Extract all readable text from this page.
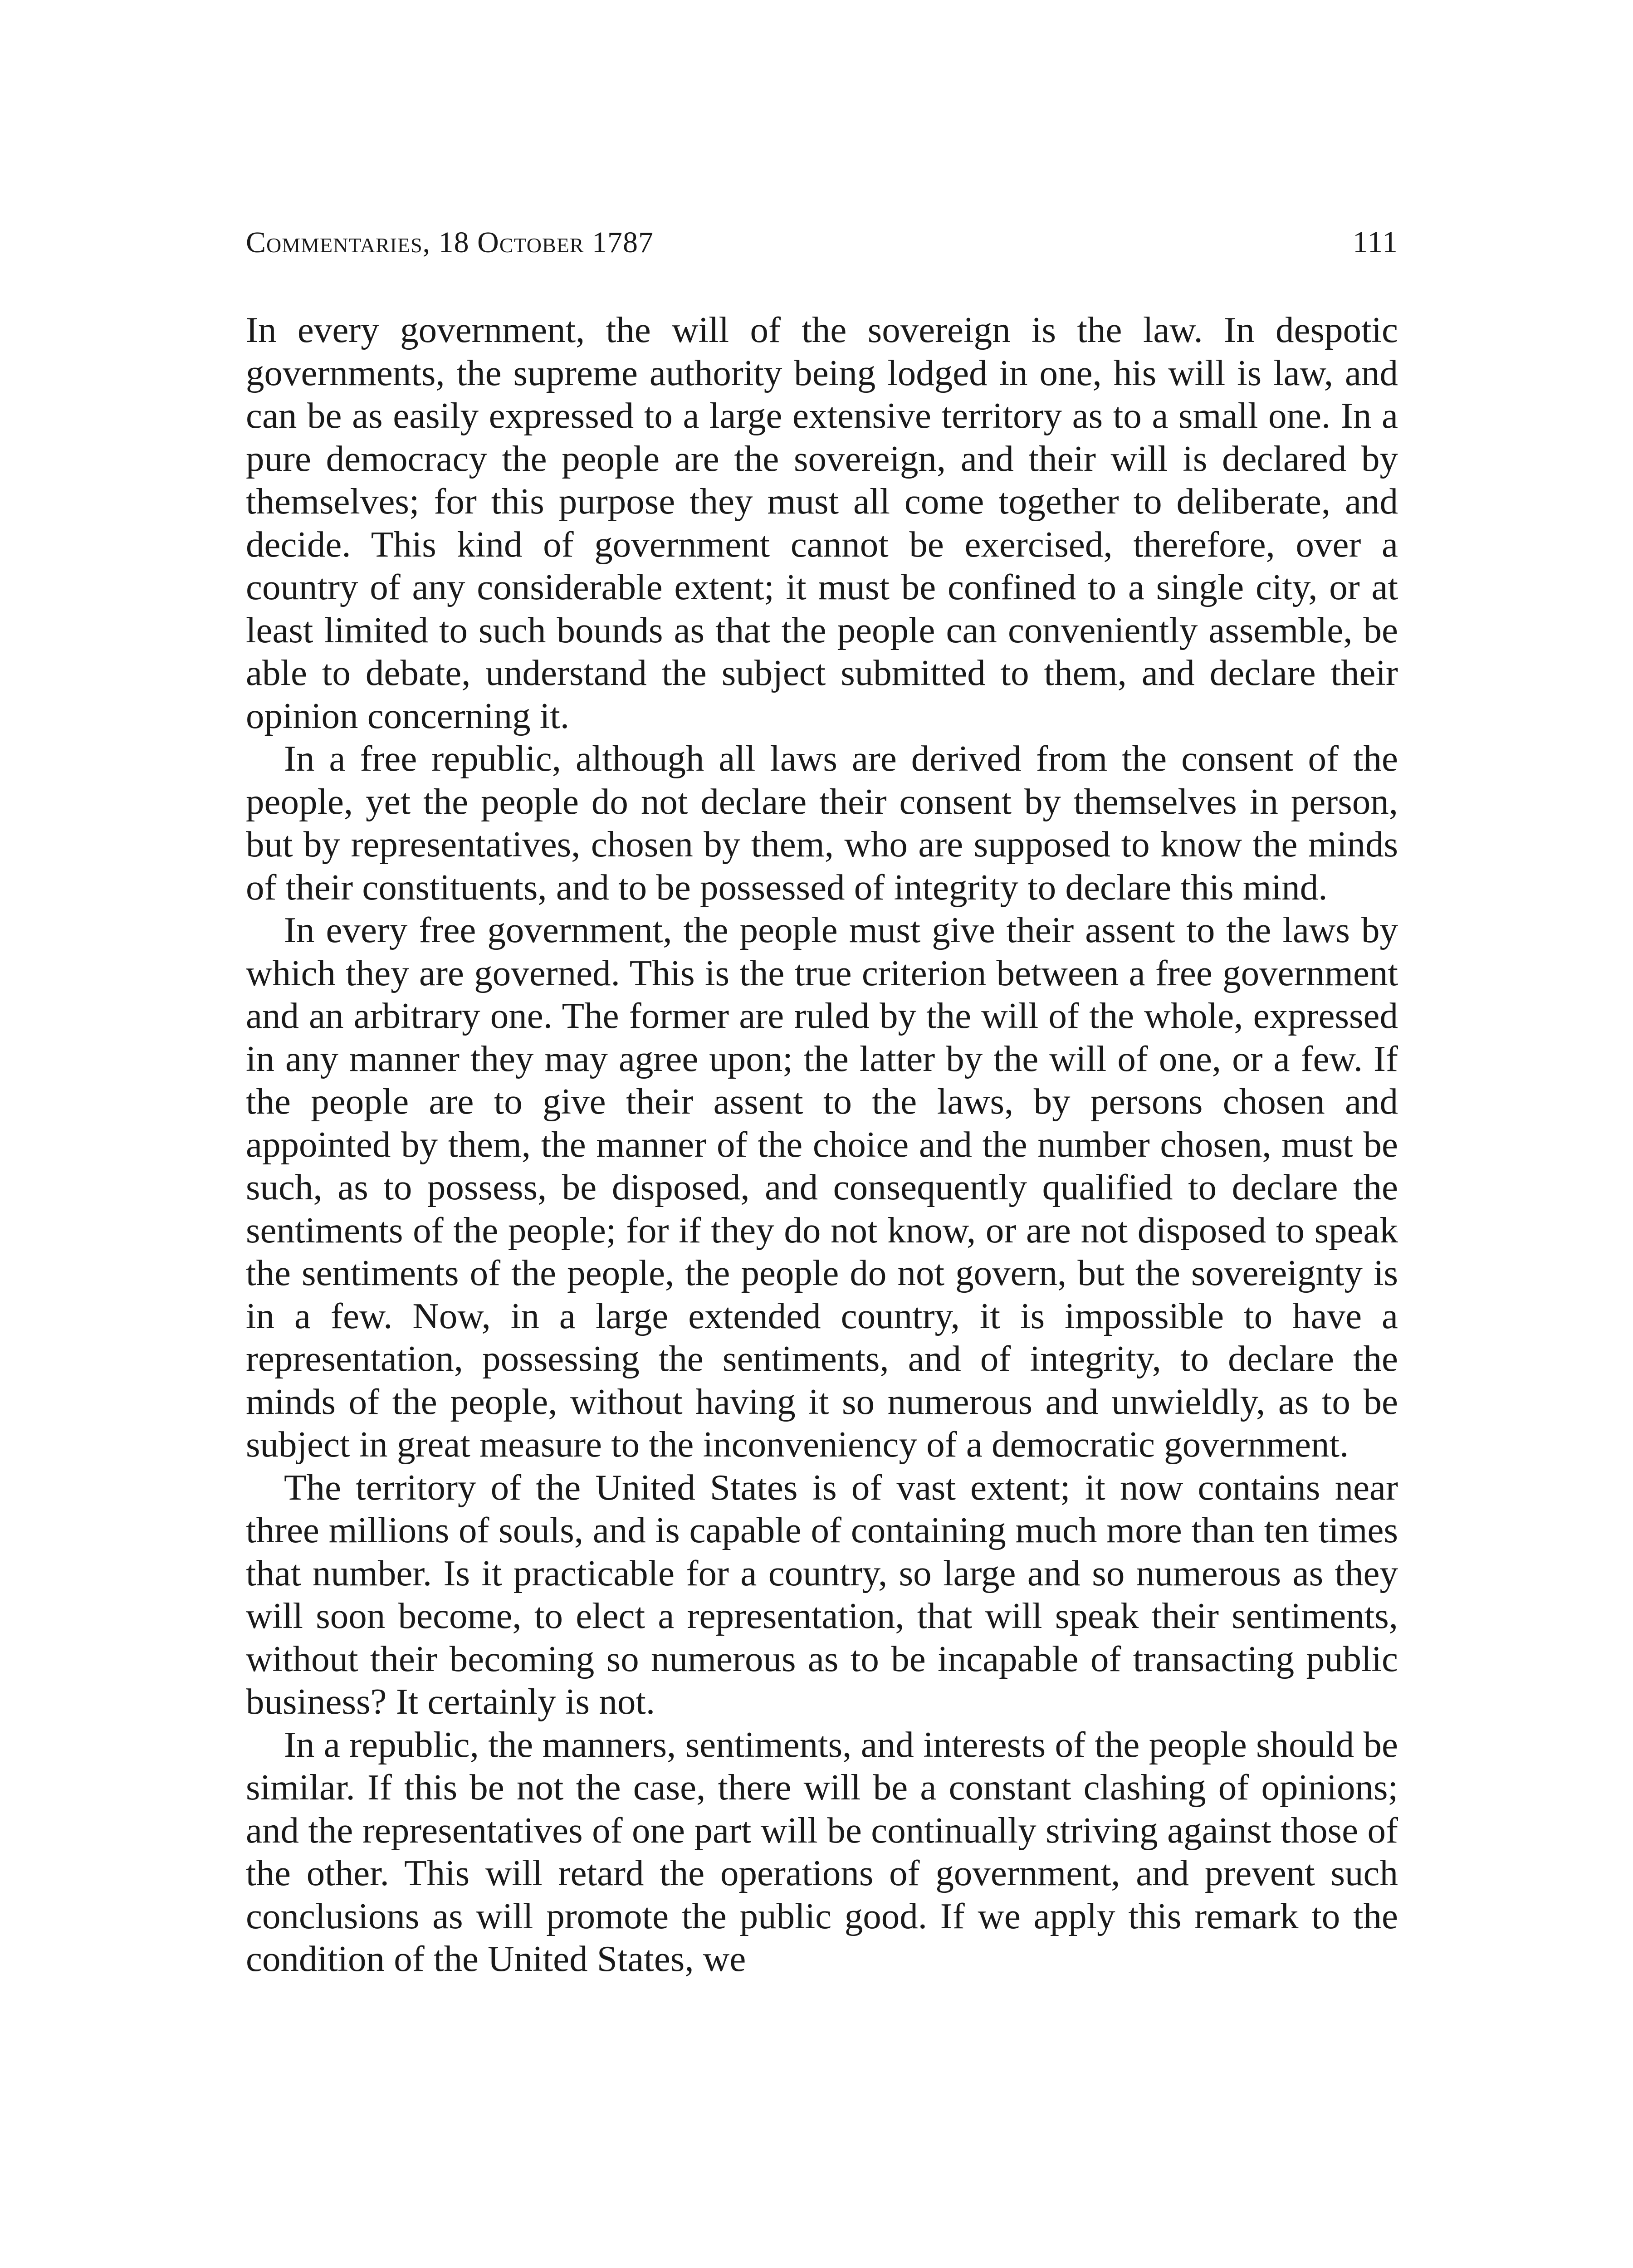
Commentaries, 18 October 1787	111

In every government, the will of the sovereign is the law. In despotic governments, the supreme authority being lodged in one, his will is law, and can be as easily expressed to a large extensive territory as to a small one. In a pure democracy the people are the sovereign, and their will is declared by themselves; for this purpose they must all come together to deliberate, and decide. This kind of government cannot be exercised, therefore, over a country of any considerable extent; it must be confined to a single city, or at least limited to such bounds as that the people can conveniently assemble, be able to debate, understand the subject submitted to them, and declare their opinion concerning it.

In a free republic, although all laws are derived from the consent of the people, yet the people do not declare their consent by themselves in person, but by representatives, chosen by them, who are supposed to know the minds of their constituents, and to be possessed of integrity to declare this mind.

In every free government, the people must give their assent to the laws by which they are governed. This is the true criterion between a free government and an arbitrary one. The former are ruled by the will of the whole, expressed in any manner they may agree upon; the latter by the will of one, or a few. If the people are to give their assent to the laws, by persons chosen and appointed by them, the manner of the choice and the number chosen, must be such, as to possess, be disposed, and consequently qualified to declare the sentiments of the people; for if they do not know, or are not disposed to speak the sentiments of the people, the people do not govern, but the sovereignty is in a few. Now, in a large extended country, it is impossible to have a representation, possessing the sentiments, and of integrity, to declare the minds of the people, without having it so numerous and unwieldly, as to be subject in great measure to the inconveniency of a democratic government.

The territory of the United States is of vast extent; it now contains near three millions of souls, and is capable of containing much more than ten times that number. Is it practicable for a country, so large and so numerous as they will soon become, to elect a representation, that will speak their sentiments, without their becoming so numerous as to be incapable of transacting public business? It certainly is not.

In a republic, the manners, sentiments, and interests of the people should be similar. If this be not the case, there will be a constant clashing of opinions; and the representatives of one part will be continually striving against those of the other. This will retard the operations of government, and prevent such conclusions as will promote the public good. If we apply this remark to the condition of the United States, we
